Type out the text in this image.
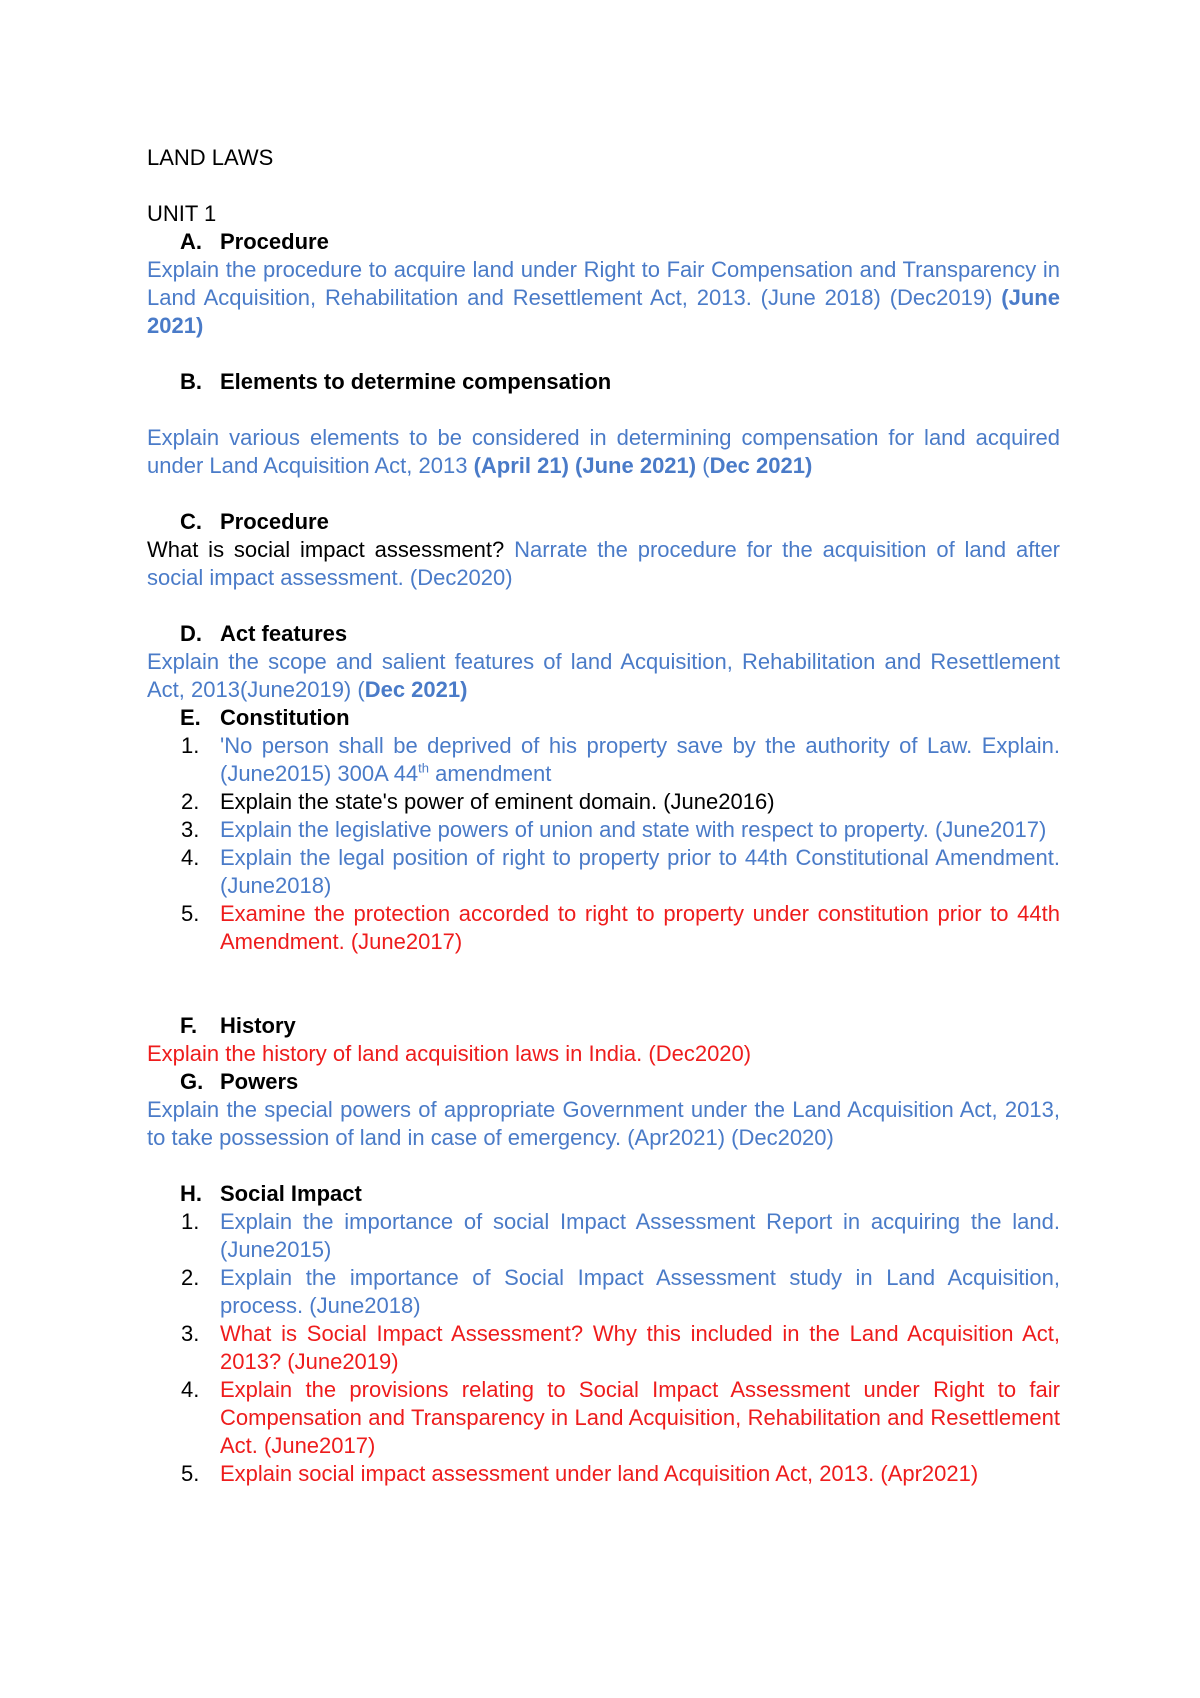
LAND LAWS
UNIT 1
A. Procedure
Explain the procedure to acquire land under Right to Fair Compensation and Transparency in Land Acquisition, Rehabilitation and Resettlement Act, 2013. (June 2018) (Dec2019) (June 2021)
B. Elements to determine compensation
Explain various elements to be considered in determining compensation for land acquired under Land Acquisition Act, 2013 (April 21) (June 2021) (Dec 2021)
C. Procedure
What is social impact assessment? Narrate the procedure for the acquisition of land after social impact assessment. (Dec2020)
D. Act features
Explain the scope and salient features of land Acquisition, Rehabilitation and Resettlement Act, 2013(June2019) (Dec 2021)
E. Constitution
1. 'No person shall be deprived of his property save by the authority of Law. Explain. (June2015) 300A 44th amendment
2. Explain the state's power of eminent domain. (June2016)
3. Explain the legislative powers of union and state with respect to property. (June2017)
4. Explain the legal position of right to property prior to 44th Constitutional Amendment. (June2018)
5. Examine the protection accorded to right to property under constitution prior to 44th Amendment. (June2017)
F.	History
Explain the history of land acquisition laws in India. (Dec2020)
G. Powers
Explain the special powers of appropriate Government under the Land Acquisition Act, 2013, to take possession of land in case of emergency. (Apr2021) (Dec2020)
H. Social Impact
1. Explain the importance of social Impact Assessment Report in acquiring the land. (June2015)
2. Explain the importance of Social Impact Assessment study in Land Acquisition, process. (June2018)
3. What is Social Impact Assessment? Why this included in the Land Acquisition Act, 2013? (June2019)
4. Explain the provisions relating to Social Impact Assessment under Right to fair Compensation and Transparency in Land Acquisition, Rehabilitation and Resettlement Act. (June2017)
5. Explain social impact assessment under land Acquisition Act, 2013. (Apr2021)
